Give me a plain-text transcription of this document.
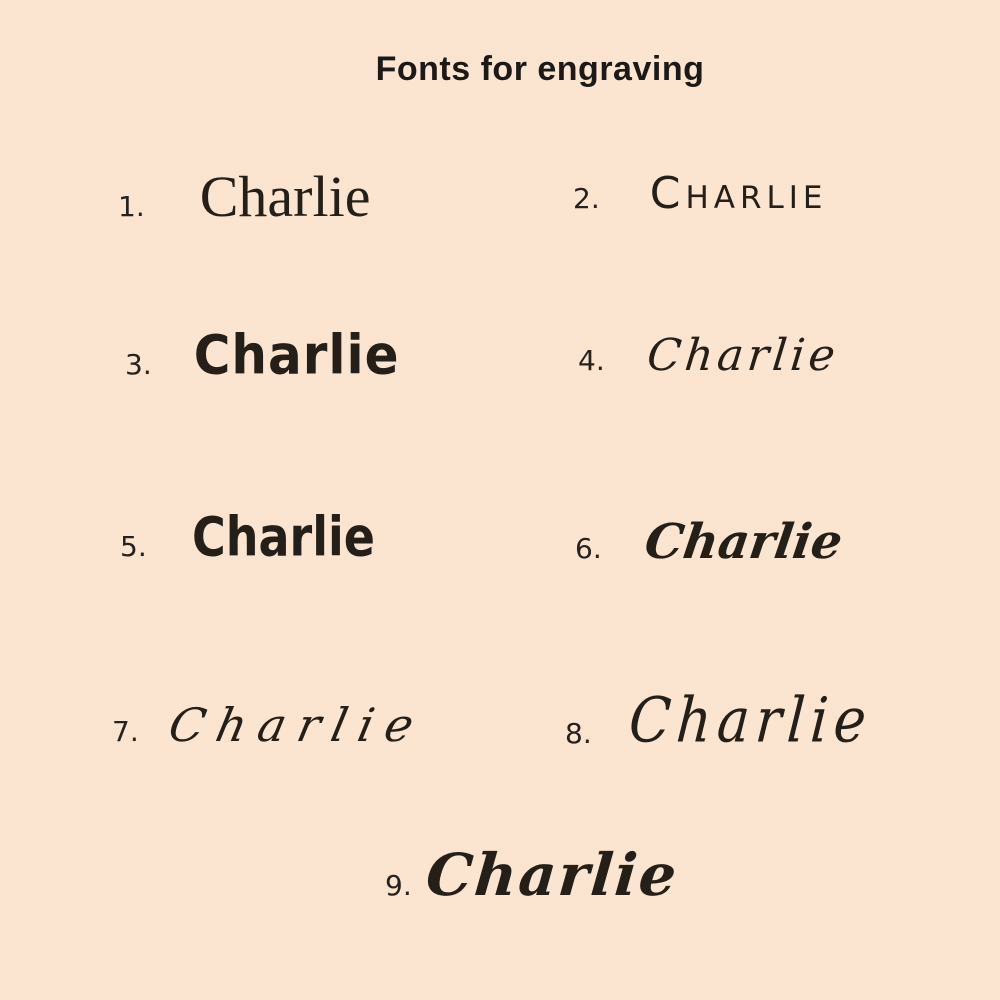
Fonts for engraving
1. Charlie	2. Charlie
3. Charlie	4. Charlie
5. Charlie	6. Charlie
7. Charlie	8. Charlie
9. Charlie
